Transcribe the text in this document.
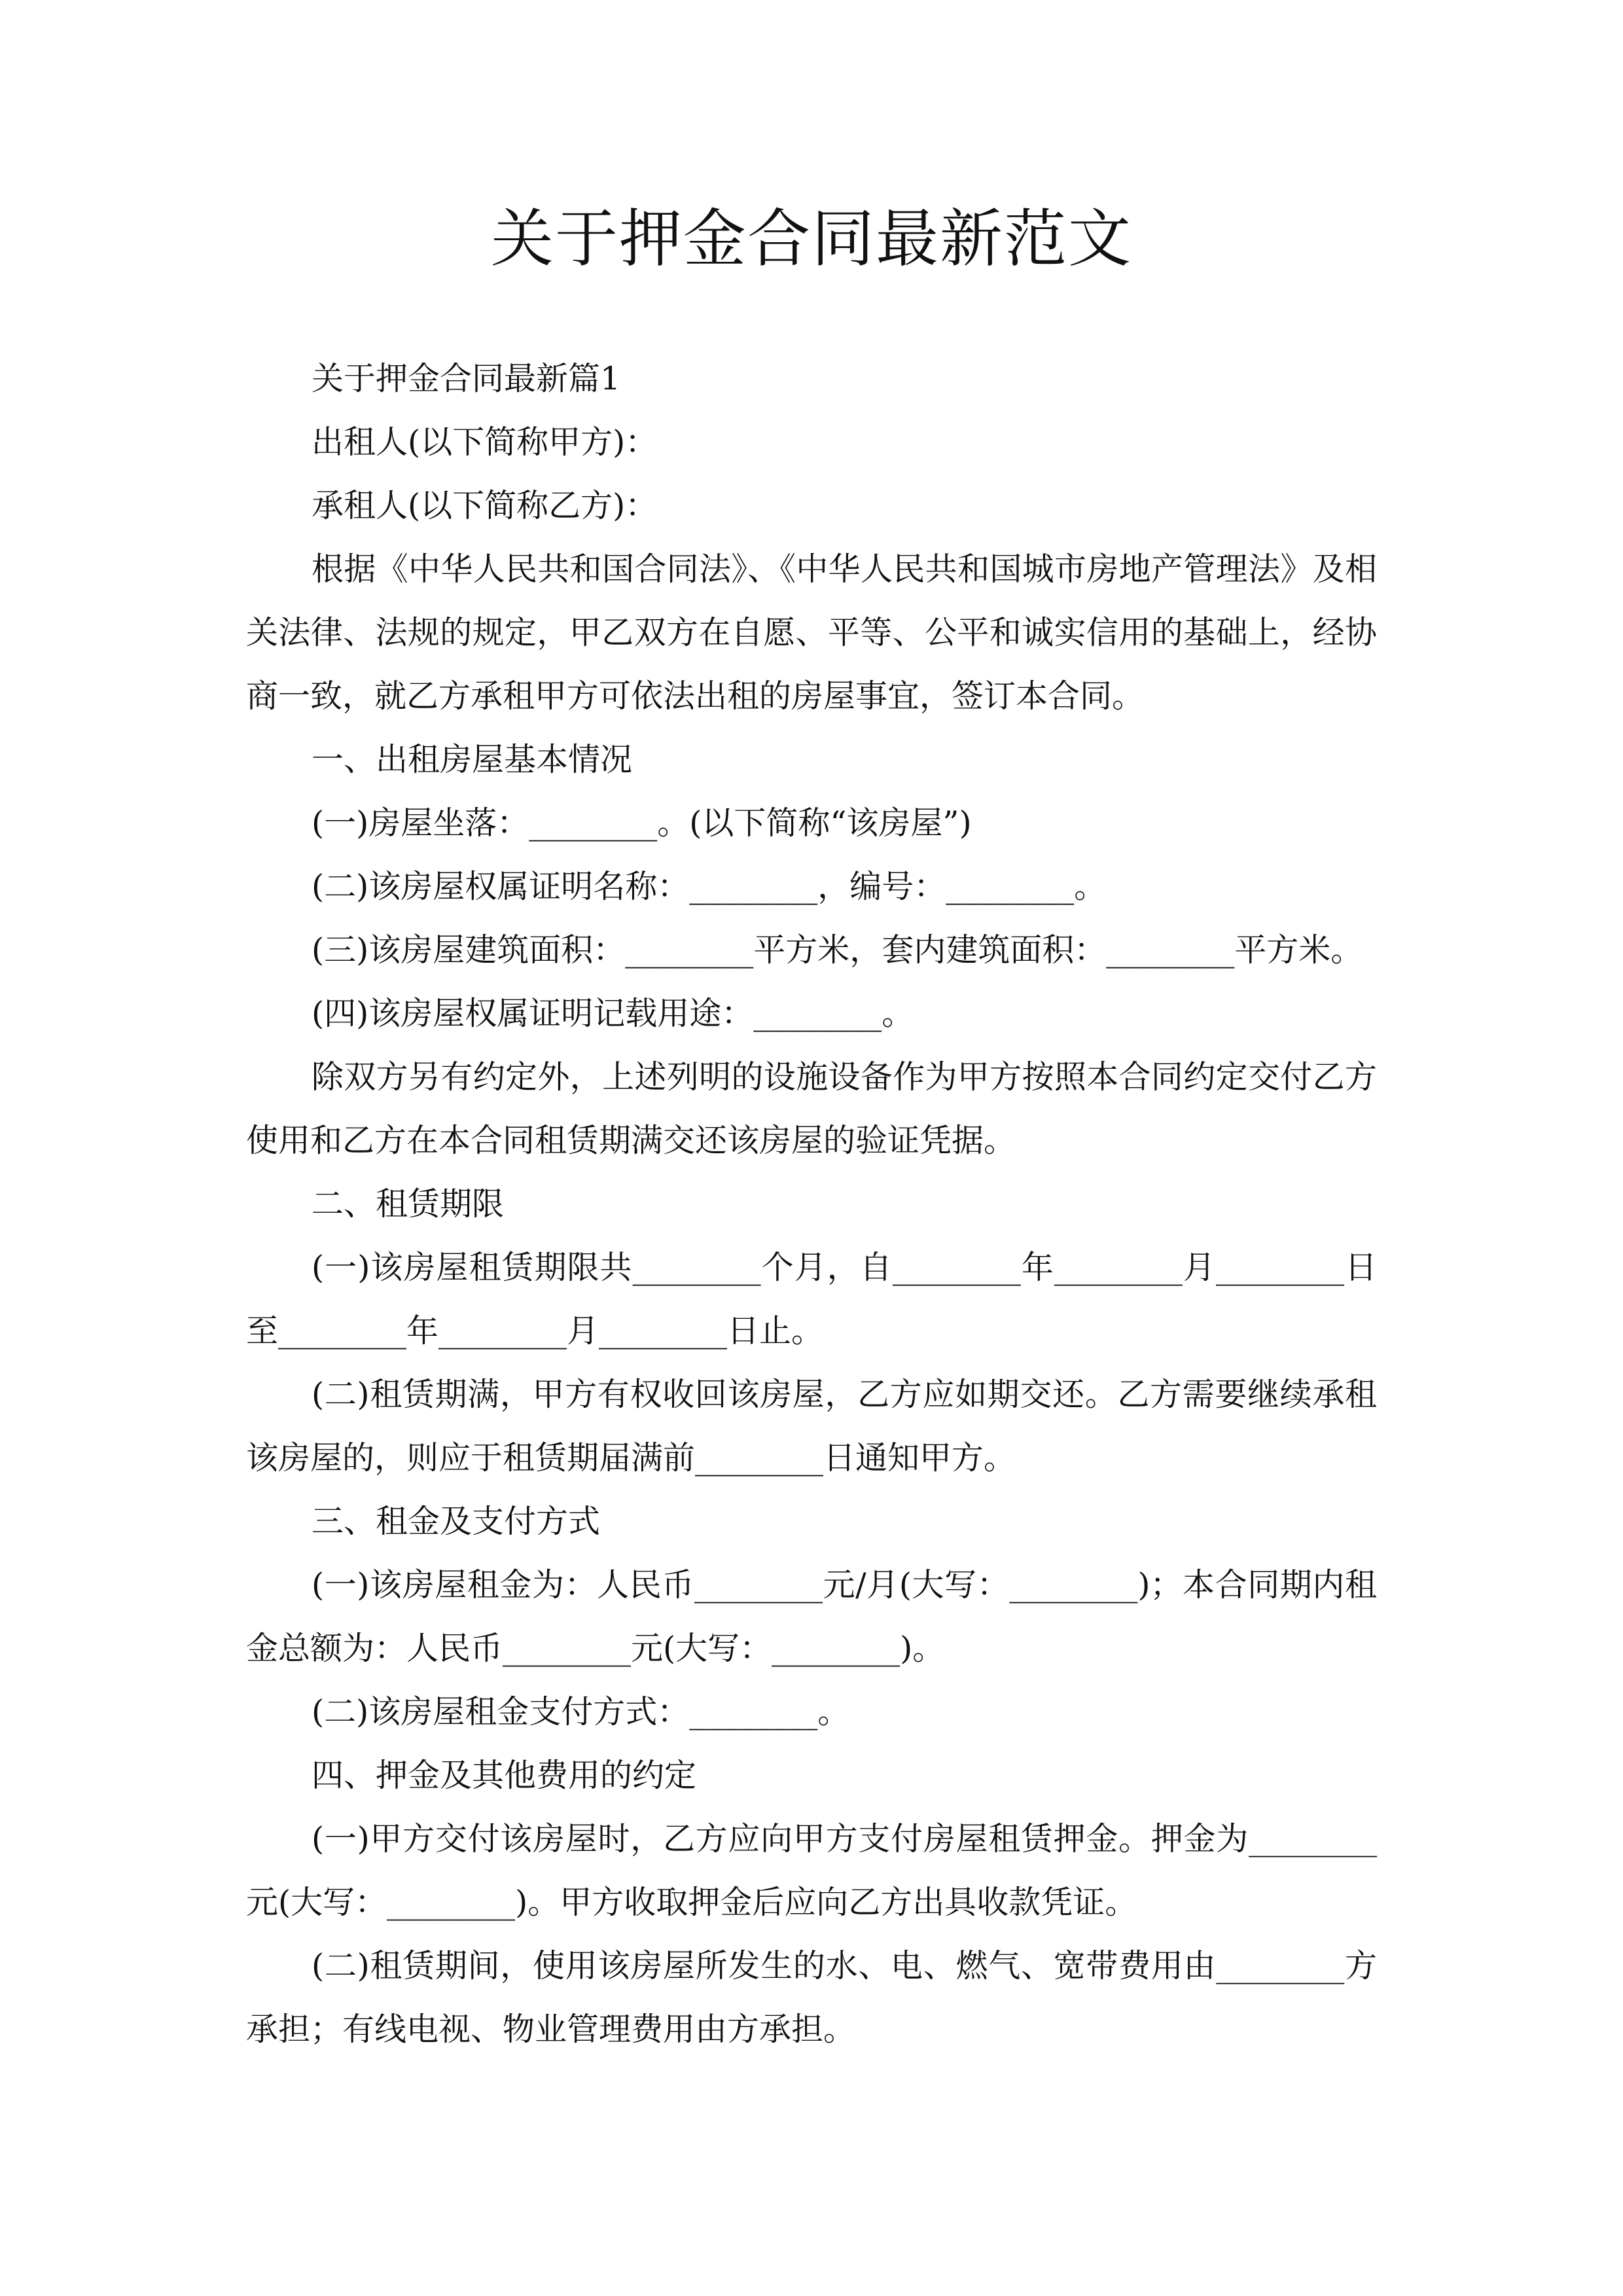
关于押金合同最新范文

关于押金合同最新篇1

出租人(以下简称甲方)：

承租人(以下简称乙方)：

根据《中华人民共和国合同法》、《中华人民共和国城市房地产管理法》及相关法律、法规的规定，甲乙双方在自愿、平等、公平和诚实信用的基础上，经协商一致，就乙方承租甲方可依法出租的房屋事宜，签订本合同。

一、出租房屋基本情况

(一)房屋坐落：________。(以下简称“该房屋”)

(二)该房屋权属证明名称：________，编号：________。

(三)该房屋建筑面积：________平方米，套内建筑面积：________平方米。

(四)该房屋权属证明记载用途：________。

除双方另有约定外，上述列明的设施设备作为甲方按照本合同约定交付乙方使用和乙方在本合同租赁期满交还该房屋的验证凭据。

二、租赁期限

(一)该房屋租赁期限共________个月，自________年________月________日至________年________月________日止。

(二)租赁期满，甲方有权收回该房屋，乙方应如期交还。乙方需要继续承租该房屋的，则应于租赁期届满前________日通知甲方。

三、租金及支付方式

(一)该房屋租金为：人民币________元/月(大写：________)；本合同期内租金总额为：人民币________元(大写：________)。

(二)该房屋租金支付方式：________。

四、押金及其他费用的约定

(一)甲方交付该房屋时，乙方应向甲方支付房屋租赁押金。押金为________元(大写：________)。甲方收取押金后应向乙方出具收款凭证。

(二)租赁期间，使用该房屋所发生的水、电、燃气、宽带费用由________方承担；有线电视、物业管理费用由方承担。
